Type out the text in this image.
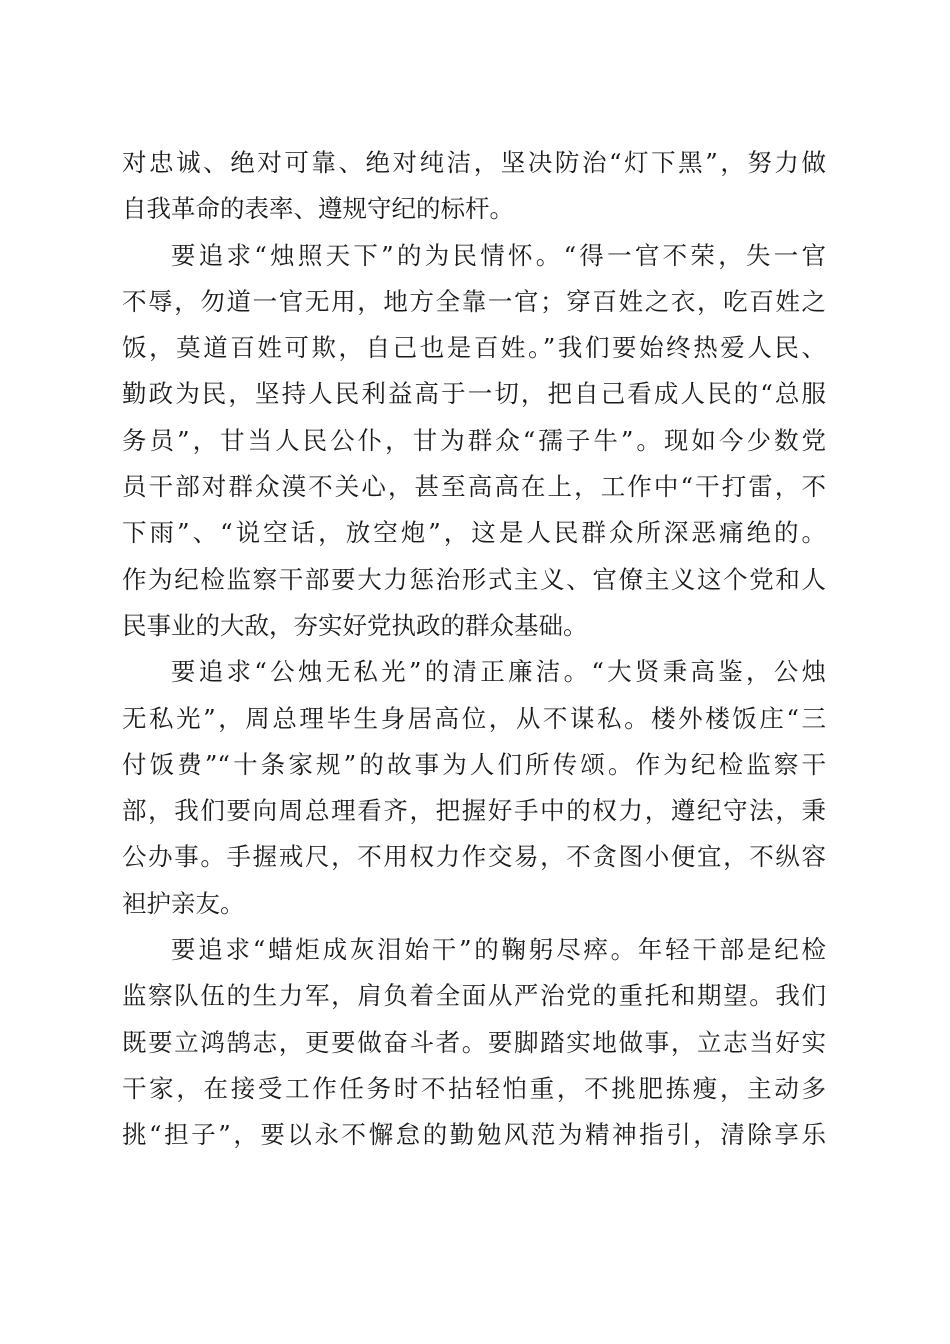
对忠诚、绝对可靠、绝对纯洁，坚决防治“灯下黑”，努力做
自我革命的表率、遵规守纪的标杆。
要追求“烛照天下”的为民情怀。“得一官不荣，失一官
不辱，勿道一官无用，地方全靠一官；穿百姓之衣，吃百姓之
饭，莫道百姓可欺，自己也是百姓。”我们要始终热爱人民、
勤政为民，坚持人民利益高于一切，把自己看成人民的“总服
务员”，甘当人民公仆，甘为群众“孺子牛”。现如今少数党
员干部对群众漠不关心，甚至高高在上，工作中“干打雷，不
下雨”、“说空话，放空炮”，这是人民群众所深恶痛绝的。
作为纪检监察干部要大力惩治形式主义、官僚主义这个党和人
民事业的大敌，夯实好党执政的群众基础。
要追求“公烛无私光”的清正廉洁。“大贤秉高鉴，公烛
无私光”，周总理毕生身居高位，从不谋私。楼外楼饭庄“三
付饭费”“十条家规”的故事为人们所传颂。作为纪检监察干
部，我们要向周总理看齐，把握好手中的权力，遵纪守法，秉
公办事。手握戒尺，不用权力作交易，不贪图小便宜，不纵容
袒护亲友。
要追求“蜡炬成灰泪始干”的鞠躬尽瘁。年轻干部是纪检
监察队伍的生力军，肩负着全面从严治党的重托和期望。我们
既要立鸿鹄志，更要做奋斗者。要脚踏实地做事，立志当好实
干家，在接受工作任务时不拈轻怕重，不挑肥拣瘦，主动多
挑“担子”，要以永不懈怠的勤勉风范为精神指引，清除享乐
